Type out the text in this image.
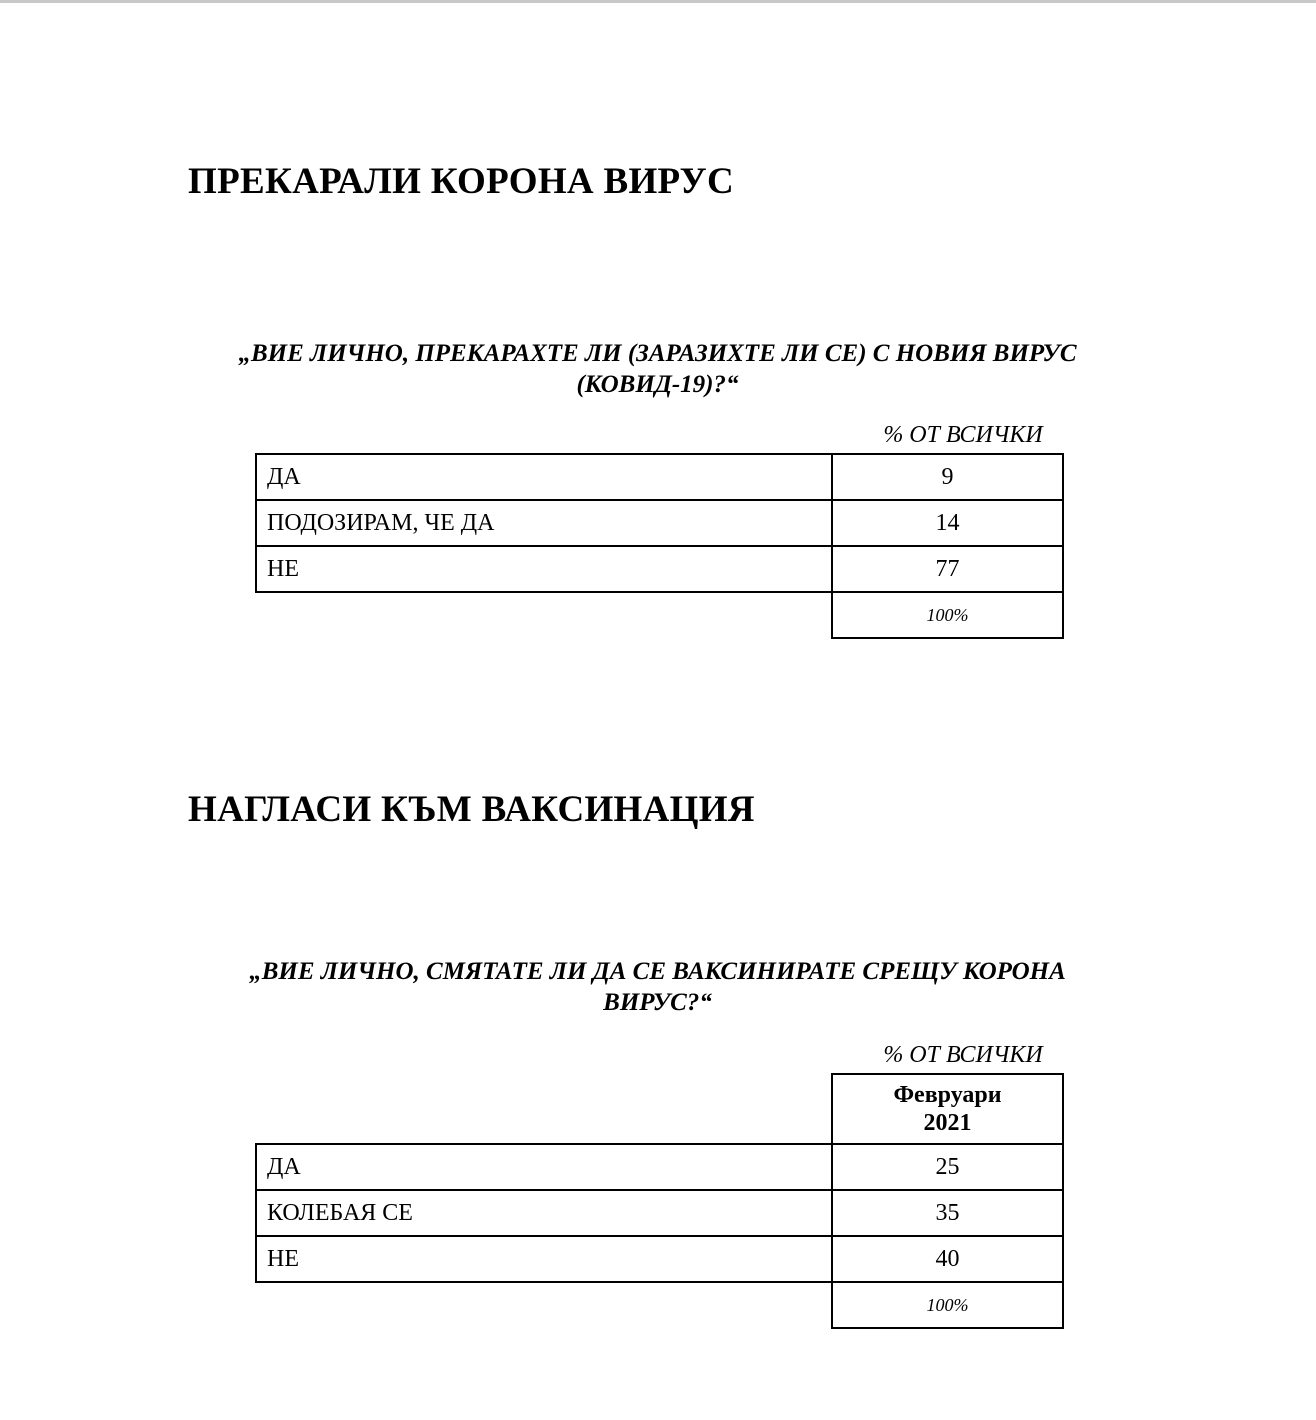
ПРЕКАРАЛИ КОРОНА ВИРУС

„ВИЕ ЛИЧНО, ПРЕКАРАХТЕ ЛИ (ЗАРАЗИХТЕ ЛИ СЕ) С НОВИЯ ВИРУС
(КОВИД-19)?“

% ОТ ВСИЧКИ
ДА	9
ПОДОЗИРАМ, ЧЕ ДА	14
НЕ	77
	100%
НАГЛАСИ КЪМ ВАКСИНАЦИЯ

„ВИЕ ЛИЧНО, СМЯТАТЕ ЛИ ДА СЕ ВАКСИНИРАТЕ СРЕЩУ КОРОНА
ВИРУС?“

% ОТ ВСИЧКИ

	Февруари
2021

ДА	25
КОЛЕБАЯ СЕ	35
НЕ	40
	100%
